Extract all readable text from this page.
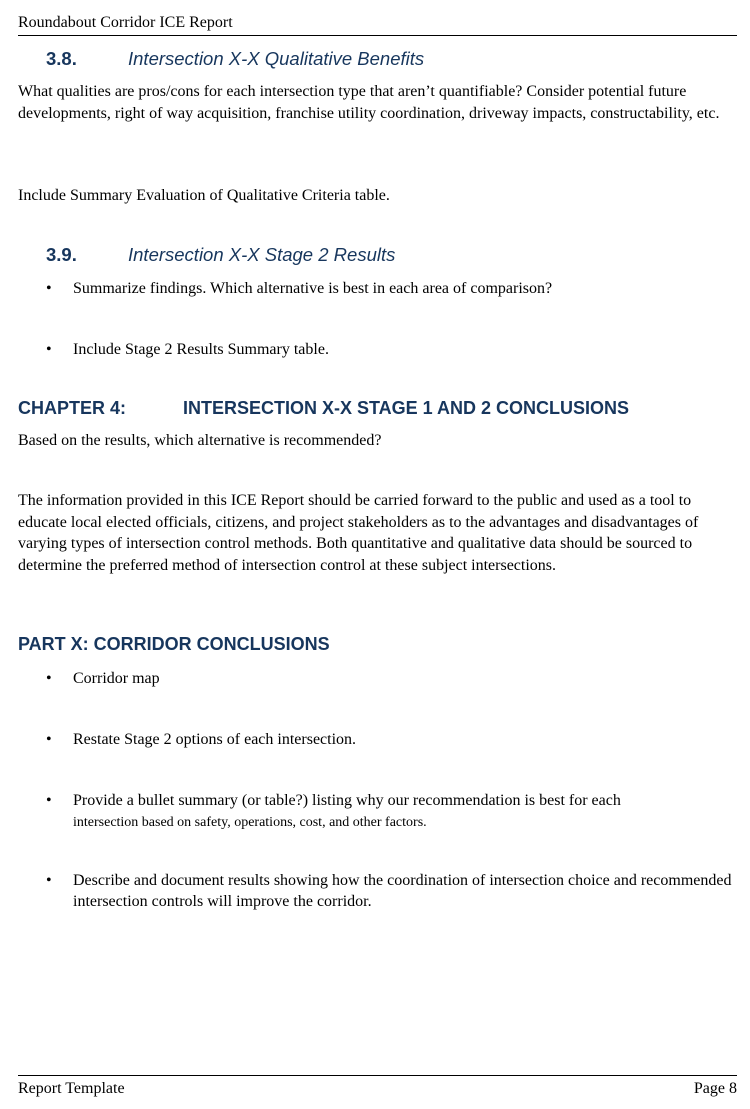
Roundabout Corridor ICE Report
3.8.	Intersection X-X Qualitative Benefits
What qualities are pros/cons for each intersection type that aren’t quantifiable? Consider potential future developments, right of way acquisition, franchise utility coordination, driveway impacts, constructability, etc.
Include Summary Evaluation of Qualitative Criteria table.
3.9.	Intersection X-X Stage 2 Results
•	Summarize findings. Which alternative is best in each area of comparison?
•	Include Stage 2 Results Summary table.
CHAPTER 4:	INTERSECTION X-X STAGE 1 AND 2 CONCLUSIONS
Based on the results, which alternative is recommended?
The information provided in this ICE Report should be carried forward to the public and used as a tool to educate local elected officials, citizens, and project stakeholders as to the advantages and disadvantages of varying types of intersection control methods. Both quantitative and qualitative data should be sourced to determine the preferred method of intersection control at these subject intersections.
PART X: CORRIDOR CONCLUSIONS
•	Corridor map
•	Restate Stage 2 options of each intersection.
•	Provide a bullet summary (or table?) listing why our recommendation is best for each
intersection based on safety, operations, cost, and other factors.
•	Describe and document results showing how the coordination of intersection choice and recommended intersection controls will improve the corridor.
Report Template	Page 8
